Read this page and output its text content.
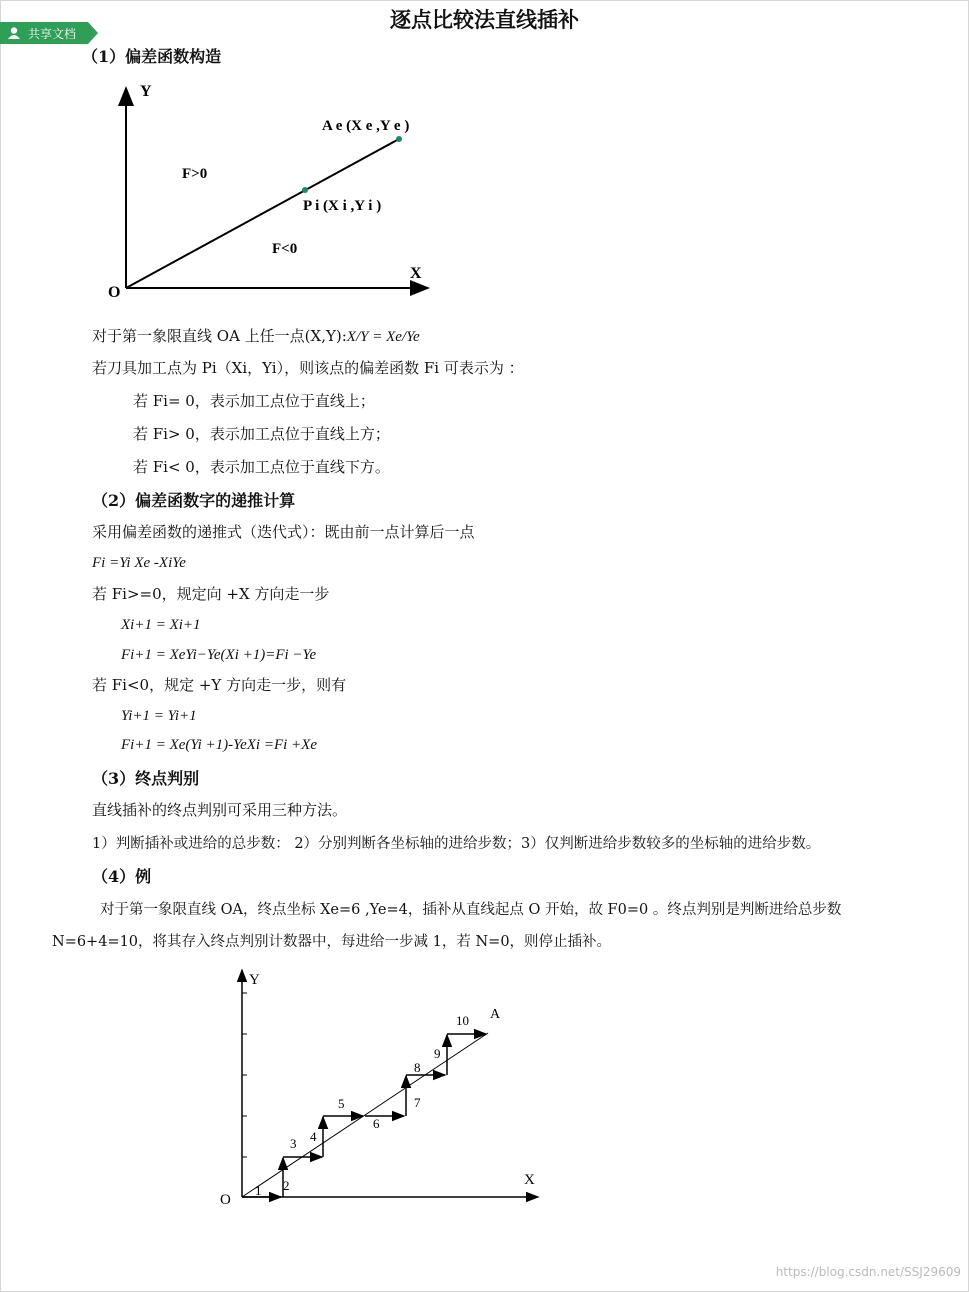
共享文档
逐点比较法直线插补
（1）偏差函数构造
Y
X
O
A e (X e ,Y e )
P i (X i ,Y i )
F>0
F<0
对于第一象限直线 OA 上任一点(X,Y):X/Y = Xe/Ye
若刀具加工点为 Pi（Xi，Yi），则该点的偏差函数 Fi 可表示为 ：
若 Fi= 0，表示加工点位于直线上；
若 Fi> 0，表示加工点位于直线上方；
若 Fi< 0，表示加工点位于直线下方。
（2）偏差函数字的递推计算
采用偏差函数的递推式（迭代式）：既由前一点计算后一点
Fi =Yi Xe -XiYe
若 Fi>=0，规定向 +X 方向走一步
Xi+1 = Xi+1
Fi+1 = XeYi−Ye(Xi +1)=Fi −Ye
若 Fi<0，规定 +Y 方向走一步，则有
Yi+1 = Yi+1
Fi+1 = Xe(Yi +1)-YeXi =Fi +Xe
（3）终点判别
直线插补的终点判别可采用三种方法。
1）判断插补或进给的总步数： 2）分别判断各坐标轴的进给步数；3）仅判断进给步数较多的坐标轴的进给步数。
（4）例
对于第一象限直线 OA，终点坐标 Xe=6 ,Ye=4，插补从直线起点 O 开始，故 F0=0 。终点判别是判断进给总步数
N=6+4=10，将其存入终点判别计数器中，每进给一步减 1，若 N=0，则停止插补。
Y
X
O
A
1 2
3 4
5
6
7
8
9
10
https://blog.csdn.net/SSJ29609
